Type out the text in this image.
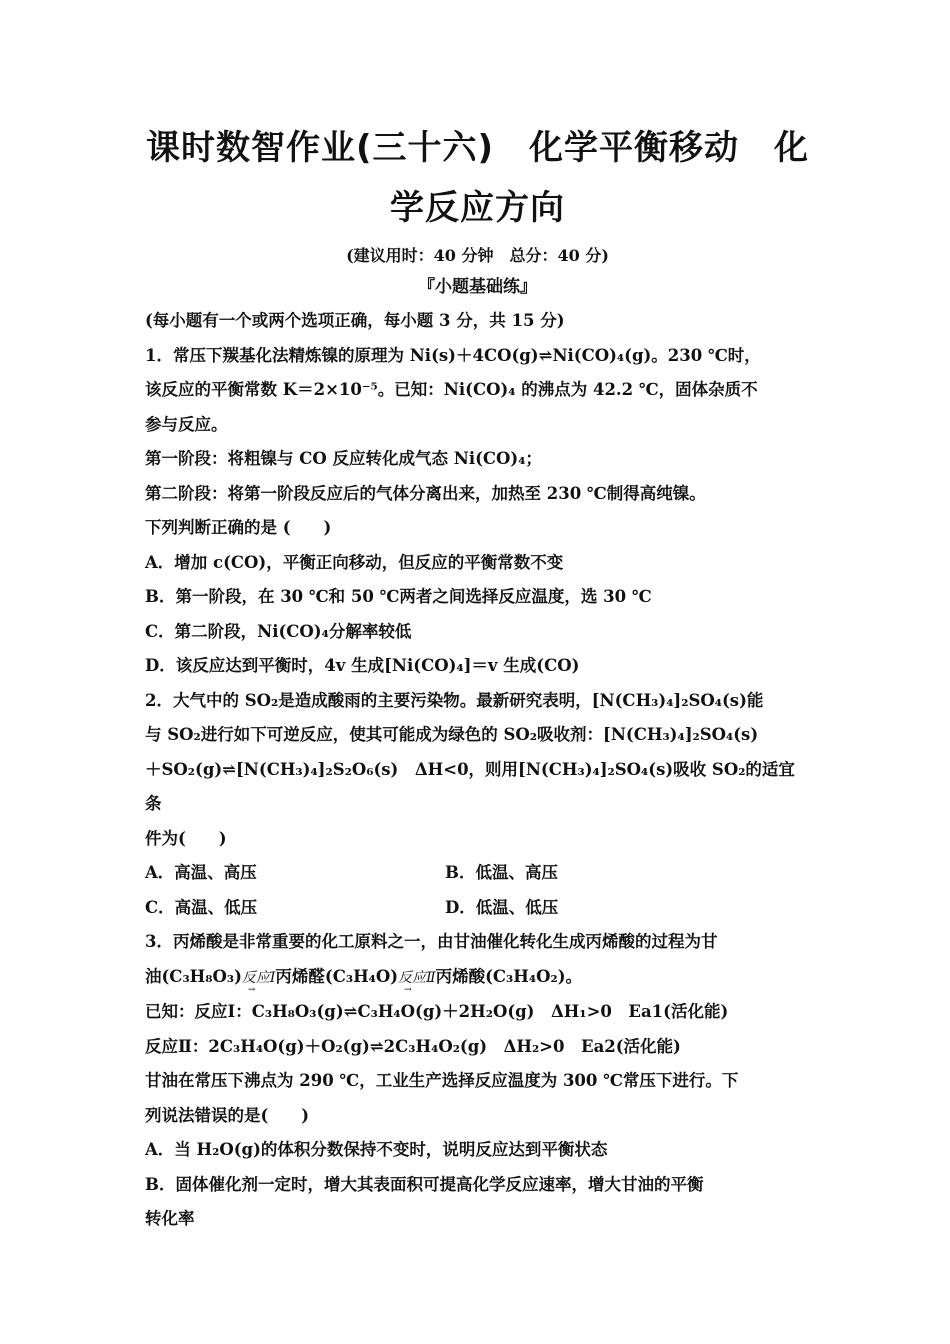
课时数智作业(三十六)　化学平衡移动　化

学反应方向

(建议用时：40 分钟　总分：40 分)
『小题基础练』

(每小题有一个或两个选项正确，每小题 3 分，共 15 分)

1．常压下羰基化法精炼镍的原理为 Ni(s)＋4CO(g)⇌Ni(CO)₄(g)。230 ℃时，

该反应的平衡常数 K＝2×10⁻⁵。已知：Ni(CO)₄ 的沸点为 42.2 ℃，固体杂质不

参与反应。

第一阶段：将粗镍与 CO 反应转化成气态 Ni(CO)₄；

第二阶段：将第一阶段反应后的气体分离出来，加热至 230 ℃制得高纯镍。

下列判断正确的是 (　　)

A．增加 c(CO)，平衡正向移动，但反应的平衡常数不变

B．第一阶段，在 30 ℃和 50 ℃两者之间选择反应温度，选 30 ℃

C．第二阶段，Ni(CO)₄分解率较低

D．该反应达到平衡时，4v 生成[Ni(CO)₄]＝v 生成(CO)

2．大气中的 SO₂是造成酸雨的主要污染物。最新研究表明，[N(CH₃)₄]₂SO₄(s)能

与 SO₂进行如下可逆反应，使其可能成为绿色的 SO₂吸收剂：[N(CH₃)₄]₂SO₄(s)

＋SO₂(g)⇌[N(CH₃)₄]₂S₂O₆(s)　ΔH<0，则用[N(CH₃)₄]₂SO₄(s)吸收 SO₂的适宜条

件为(　　)

A．高温、高压	B．低温、高压

C．高温、低压	D．低温、低压

3．丙烯酸是非常重要的化工原料之一，由甘油催化转化生成丙烯酸的过程为甘

油(C₃H₈O₃)反应Ⅰ →丙烯醛(C₃H₄O)反应Ⅱ →丙烯酸(C₃H₄O₂)。

已知：反应Ⅰ：C₃H₈O₃(g)⇌C₃H₄O(g)＋2H₂O(g)　ΔH₁>0　Ea1(活化能)

反应Ⅱ：2C₃H₄O(g)＋O₂(g)⇌2C₃H₄O₂(g)　ΔH₂>0　Ea2(活化能)

甘油在常压下沸点为 290 ℃，工业生产选择反应温度为 300 ℃常压下进行。下

列说法错误的是(　　)

A．当 H₂O(g)的体积分数保持不变时，说明反应达到平衡状态

B．固体催化剂一定时，增大其表面积可提高化学反应速率，增大甘油的平衡

转化率
